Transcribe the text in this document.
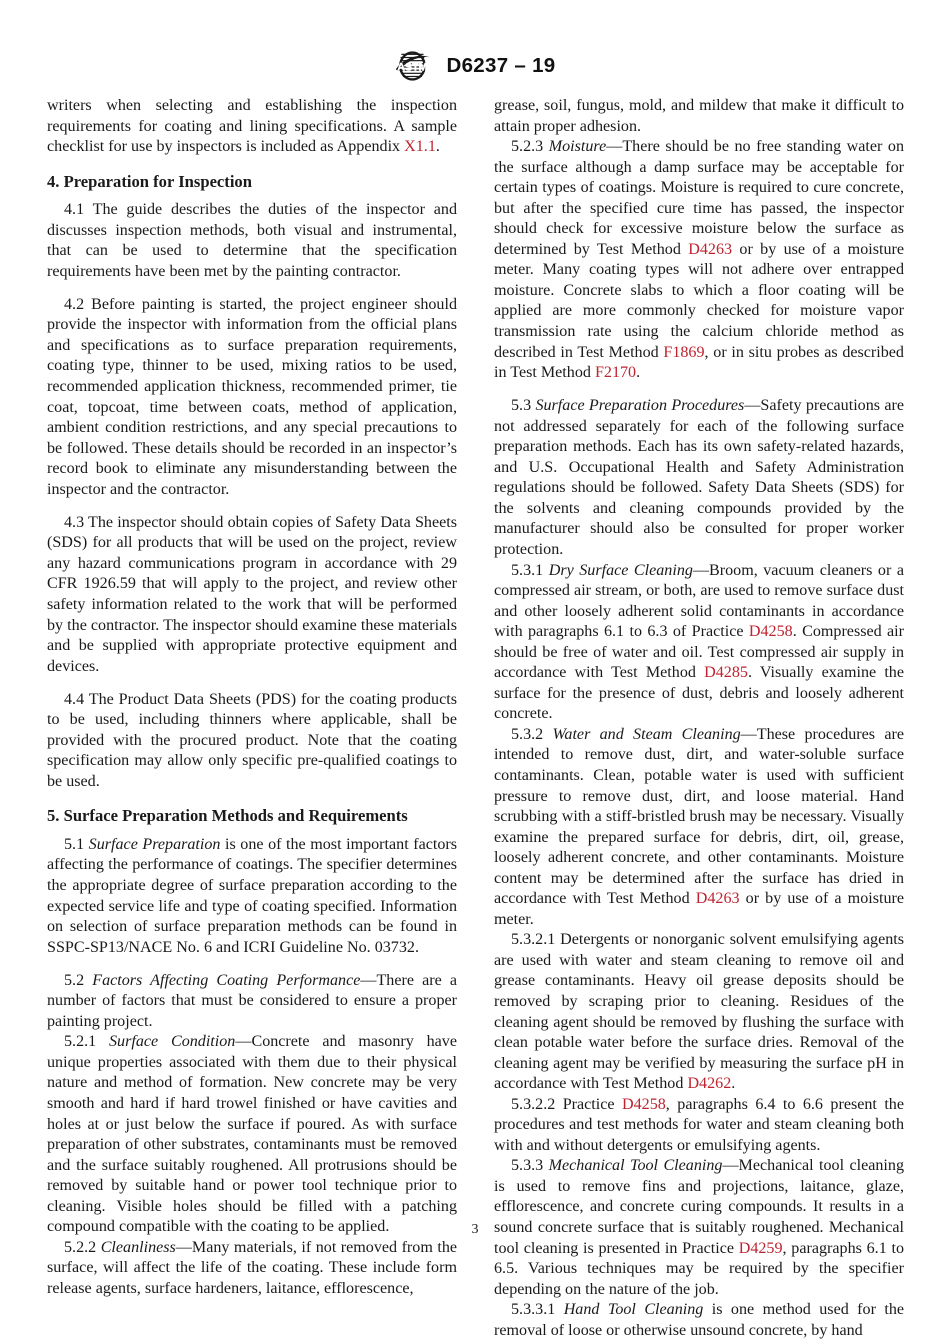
ASTM D6237 – 19

writers when selecting and establishing the inspection requirements for coating and lining specifications. A sample checklist for use by inspectors is included as Appendix X1.1.

4. Preparation for Inspection

4.1 The guide describes the duties of the inspector and discusses inspection methods, both visual and instrumental, that can be used to determine that the specification requirements have been met by the painting contractor.

4.2 Before painting is started, the project engineer should provide the inspector with information from the official plans and specifications as to surface preparation requirements, coating type, thinner to be used, mixing ratios to be used, recommended application thickness, recommended primer, tie coat, topcoat, time between coats, method of application, ambient condition restrictions, and any special precautions to be followed. These details should be recorded in an inspector’s record book to eliminate any misunderstanding between the inspector and the contractor.

4.3 The inspector should obtain copies of Safety Data Sheets (SDS) for all products that will be used on the project, review any hazard communications program in accordance with 29 CFR 1926.59 that will apply to the project, and review other safety information related to the work that will be performed by the contractor. The inspector should examine these materials and be supplied with appropriate protective equipment and devices.

4.4 The Product Data Sheets (PDS) for the coating products to be used, including thinners where applicable, shall be provided with the procured product. Note that the coating specification may allow only specific pre-qualified coatings to be used.

5. Surface Preparation Methods and Requirements

5.1 Surface Preparation is one of the most important factors affecting the performance of coatings. The specifier determines the appropriate degree of surface preparation according to the expected service life and type of coating specified. Information on selection of surface preparation methods can be found in SSPC-SP13/NACE No. 6 and ICRI Guideline No. 03732.

5.2 Factors Affecting Coating Performance—There are a number of factors that must be considered to ensure a proper painting project.

5.2.1 Surface Condition—Concrete and masonry have unique properties associated with them due to their physical nature and method of formation. New concrete may be very smooth and hard if hard trowel finished or have cavities and holes at or just below the surface if poured. As with surface preparation of other substrates, contaminants must be removed and the surface suitably roughened. All protrusions should be removed by suitable hand or power tool technique prior to cleaning. Visible holes should be filled with a patching compound compatible with the coating to be applied.

5.2.2 Cleanliness—Many materials, if not removed from the surface, will affect the life of the coating. These include form release agents, surface hardeners, laitance, efflorescence,

grease, soil, fungus, mold, and mildew that make it difficult to attain proper adhesion.

5.2.3 Moisture—There should be no free standing water on the surface although a damp surface may be acceptable for certain types of coatings. Moisture is required to cure concrete, but after the specified cure time has passed, the inspector should check for excessive moisture below the surface as determined by Test Method D4263 or by use of a moisture meter. Many coating types will not adhere over entrapped moisture. Concrete slabs to which a floor coating will be applied are more commonly checked for moisture vapor transmission rate using the calcium chloride method as described in Test Method F1869, or in situ probes as described in Test Method F2170.

5.3 Surface Preparation Procedures—Safety precautions are not addressed separately for each of the following surface preparation methods. Each has its own safety-related hazards, and U.S. Occupational Health and Safety Administration regulations should be followed. Safety Data Sheets (SDS) for the solvents and cleaning compounds provided by the manufacturer should also be consulted for proper worker protection.

5.3.1 Dry Surface Cleaning—Broom, vacuum cleaners or a compressed air stream, or both, are used to remove surface dust and other loosely adherent solid contaminants in accordance with paragraphs 6.1 to 6.3 of Practice D4258. Compressed air should be free of water and oil. Test compressed air supply in accordance with Test Method D4285. Visually examine the surface for the presence of dust, debris and loosely adherent concrete.

5.3.2 Water and Steam Cleaning—These procedures are intended to remove dust, dirt, and water-soluble surface contaminants. Clean, potable water is used with sufficient pressure to remove dust, dirt, and loose material. Hand scrubbing with a stiff-bristled brush may be necessary. Visually examine the prepared surface for debris, dirt, oil, grease, loosely adherent concrete, and other contaminants. Moisture content may be determined after the surface has dried in accordance with Test Method D4263 or by use of a moisture meter.

5.3.2.1 Detergents or nonorganic solvent emulsifying agents are used with water and steam cleaning to remove oil and grease contaminants. Heavy oil grease deposits should be removed by scraping prior to cleaning. Residues of the cleaning agent should be removed by flushing the surface with clean potable water before the surface dries. Removal of the cleaning agent may be verified by measuring the surface pH in accordance with Test Method D4262.

5.3.2.2 Practice D4258, paragraphs 6.4 to 6.6 present the procedures and test methods for water and steam cleaning both with and without detergents or emulsifying agents.

5.3.3 Mechanical Tool Cleaning—Mechanical tool cleaning is used to remove fins and projections, laitance, glaze, efflorescence, and concrete curing compounds. It results in a sound concrete surface that is suitably roughened. Mechanical tool cleaning is presented in Practice D4259, paragraphs 6.1 to 6.5. Various techniques may be required by the specifier depending on the nature of the job.

5.3.3.1 Hand Tool Cleaning is one method used for the removal of loose or otherwise unsound concrete, by hand

3
